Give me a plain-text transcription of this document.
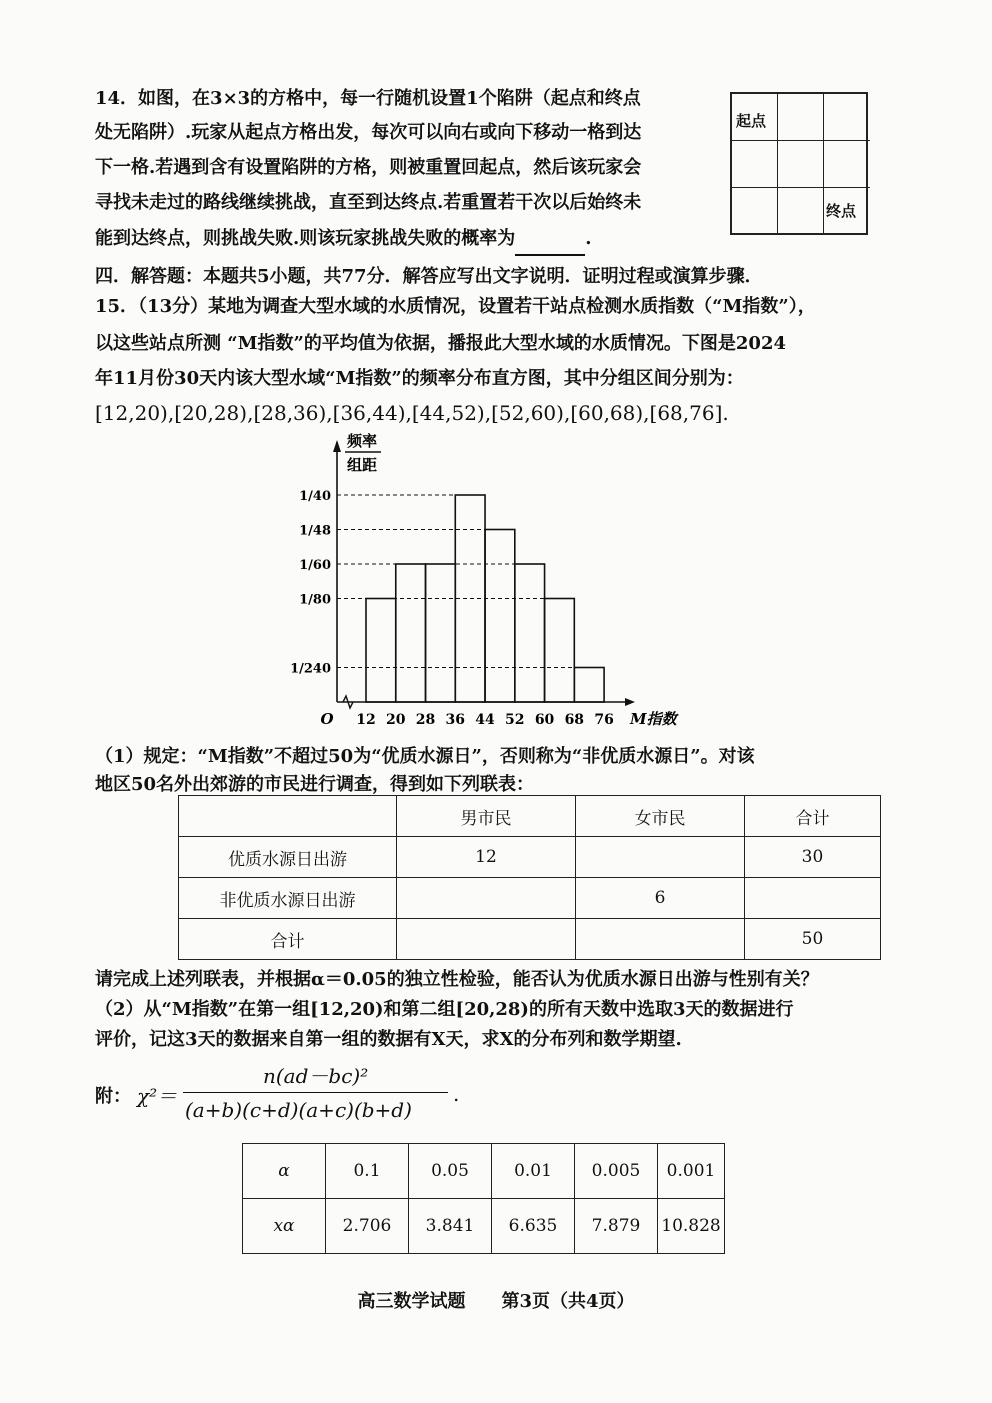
14．如图，在3×3的方格中，每一行随机设置1个陷阱（起点和终点
处无陷阱）.玩家从起点方格出发，每次可以向右或向下移动一格到达
下一格.若遇到含有设置陷阱的方格，则被重置回起点，然后该玩家会
寻找未走过的路线继续挑战，直至到达终点.若重置若干次以后始终未
能到达终点，则挑战失败.则该玩家挑战失败的概率为	.
起点
终点
四．解答题：本题共5小题，共77分．解答应写出文字说明．证明过程或演算步骤．
15．（13分）某地为调查大型水域的水质情况，设置若干站点检测水质指数（“M指数”），
以这些站点所测 “M指数”的平均值为依据，播报此大型水域的水质情况。下图是2024
年11月份30天内该大型水域“M指数”的频率分布直方图，其中分组区间分别为：
[12,20),[20,28),[28,36),[36,44),[44,52),[52,60),[60,68),[68,76].
1/40
1/48
1/60
1/80
1/240
12 20 28 36 44 52 60 68 76
O	M指数
频率
组距
（1）规定：“M指数”不超过50为“优质水源日”，否则称为“非优质水源日”。对该
地区50名外出郊游的市民进行调查，得到如下列联表：
	男市民	女市民	合计
优质水源日出游	12		30
非优质水源日出游		6	
合计			50
请完成上述列联表，并根据α＝0.05的独立性检验，能否认为优质水源日出游与性别有关？
（2）从“M指数”在第一组[12,20)和第二组[20,28)的所有天数中选取3天的数据进行
评价，记这3天的数据来自第一组的数据有X天，求X的分布列和数学期望.
附： χ²＝
n(ad－bc)²
(a+b)(c+d)(a+c)(b+d)
.
α	0.1	0.05	0.01	0.005	0.001
xα	2.706	3.841	6.635	7.879	10.828
高三数学试题　　第3页（共4页）
